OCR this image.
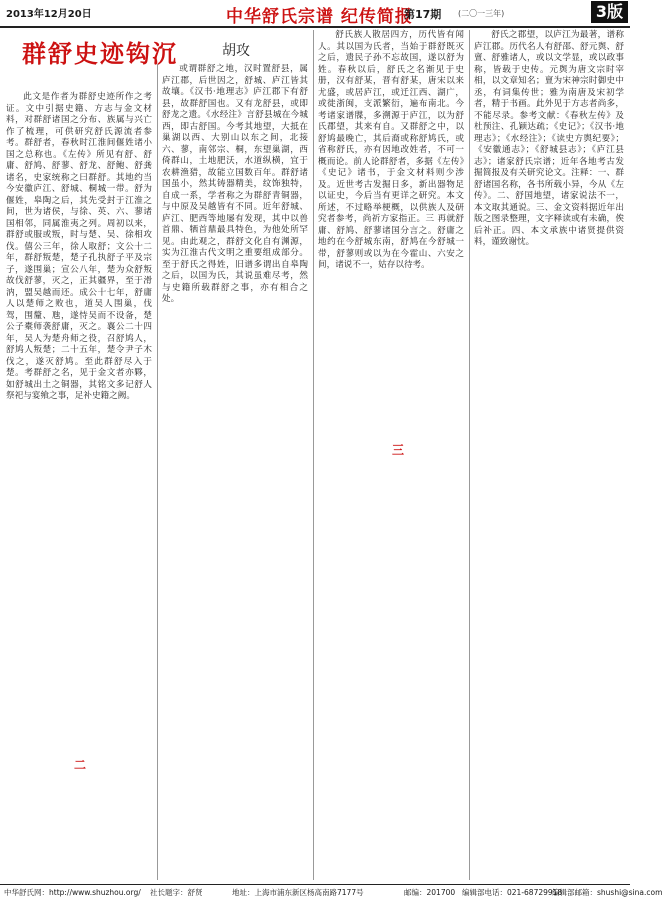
2013年12月20日	中华舒氏宗谱 纪传简报
第17期 (二〇一三年)	3版
群舒史迹钩沉	胡攻

此文是作者为群舒史迹所作之考证。文中引据史籍、方志与金文材料，对群舒诸国之分布、族属与兴亡作了梳理，可供研究舒氏源流者参考。群舒者，春秋时江淮间偃姓诸小国之总称也。《左传》所见有舒、舒庸、舒鸠、舒蓼、舒龙、舒鲍、舒龚诸名，史家统称之曰群舒。其地约当今安徽庐江、舒城、桐城一带。舒为偃姓，皋陶之后，其先受封于江淮之间，世为诸侯，与徐、英、六、蓼诸国相邻，同属淮夷之列。周初以来，群舒或服或叛，时与楚、吴、徐相攻伐。僖公三年，徐人取舒；文公十二年，群舒叛楚，楚子孔执舒子平及宗子，遂围巢；宣公八年，楚为众舒叛故伐舒蓼，灭之，正其疆界，至于滑汭，盟吴越而还。成公十七年，舒庸人以楚师之败也，道吴人围巢，伐驾，围釐、虺，遂恃吴而不设备，楚公子橐师袭舒庸，灭之。襄公二十四年，吴人为楚舟师之役，召舒鸠人，舒鸠人叛楚；二十五年，楚令尹子木伐之，遂灭舒鸠。至此群舒尽入于楚。考群舒之名，见于金文者亦夥，如舒城出土之铜器，其铭文多记舒人祭祀与宴飨之事，足补史籍之阙。

或谓群舒之地，汉时置舒县，属庐江郡，后世因之，舒城、庐江皆其故壤。《汉书·地理志》庐江郡下有舒县，故群舒国也。又有龙舒县，或即舒龙之遗。《水经注》言舒县城在今城西，即古舒国。今考其地望，大抵在巢湖以西、大别山以东之间，北接六、蓼，南邻宗、桐，东望巢湖，西倚群山，土地肥沃，水道纵横，宜于农耕渔猎，故能立国数百年。群舒诸国虽小，然其铸器精美，纹饰独特，自成一系，学者称之为群舒青铜器，与中原及吴越皆有不同。近年舒城、庐江、肥西等地屡有发现，其中以兽首鼎、牺首鼎最具特色，为他处所罕见。由此观之，群舒文化自有渊源，实为江淮古代文明之重要组成部分。至于舒氏之得姓，旧谱多谓出自皋陶之后，以国为氏，其说虽难尽考，然与史籍所载群舒之事，亦有相合之处。

舒氏族人散居四方，历代皆有闻人。其以国为氏者，当始于群舒既灭之后，遗民子孙不忘故国，遂以舒为姓。春秋以后，舒氏之名渐见于史册，汉有舒某，晋有舒某，唐宋以来尤盛，或居庐江，或迁江西、湖广，或徙浙闽，支派繁衍，遍布南北。今考诸家谱牒，多溯源于庐江，以为舒氏郡望，其来有自。又群舒之中，以舒鸠最晚亡，其后裔或称舒鸠氏，或省称舒氏，亦有因地改姓者，不可一概而论。前人论群舒者，多据《左传》《史记》诸书，于金文材料则少涉及。近世考古发掘日多，新出器物足以证史，今后当有更详之研究。本文所述，不过略举梗概，以供族人及研究者参考，尚祈方家指正。三 再就舒庸、舒鸠、舒蓼诸国分言之。舒庸之地约在今舒城东南，舒鸠在今舒城一带，舒蓼则或以为在今霍山、六安之间，诸说不一，姑存以待考。

舒氏之郡望，以庐江为最著，谱称庐江郡。历代名人有舒邵、舒元舆、舒亶、舒雅诸人，或以文学显，或以政事称，皆载于史传。元舆为唐文宗时宰相，以文章知名；亶为宋神宗时御史中丞，有词集传世；雅为南唐及宋初学者，精于书画。此外见于方志者尚多，不能尽录。参考文献：《春秋左传》及杜预注、孔颖达疏；《史记》；《汉书·地理志》；《水经注》；《读史方舆纪要》；《安徽通志》；《舒城县志》；《庐江县志》；诸家舒氏宗谱；近年各地考古发掘简报及有关研究论文。注释：一、群舒诸国名称，各书所载小异，今从《左传》。二、舒国地望，诸家说法不一，本文取其通说。三、金文资料据近年出版之图录整理，文字释读或有未确，俟后补正。四、本文承族中诸贤提供资料，谨致谢忱。

二
三
中华舒氏网：http://www.shuzhou.org/ 社长题字：舒贤	地址：上海市浦东新区杨高南路7177号	邮编：201700 编辑部电话：021-68729918
编辑部邮箱：shushi@sina.com
